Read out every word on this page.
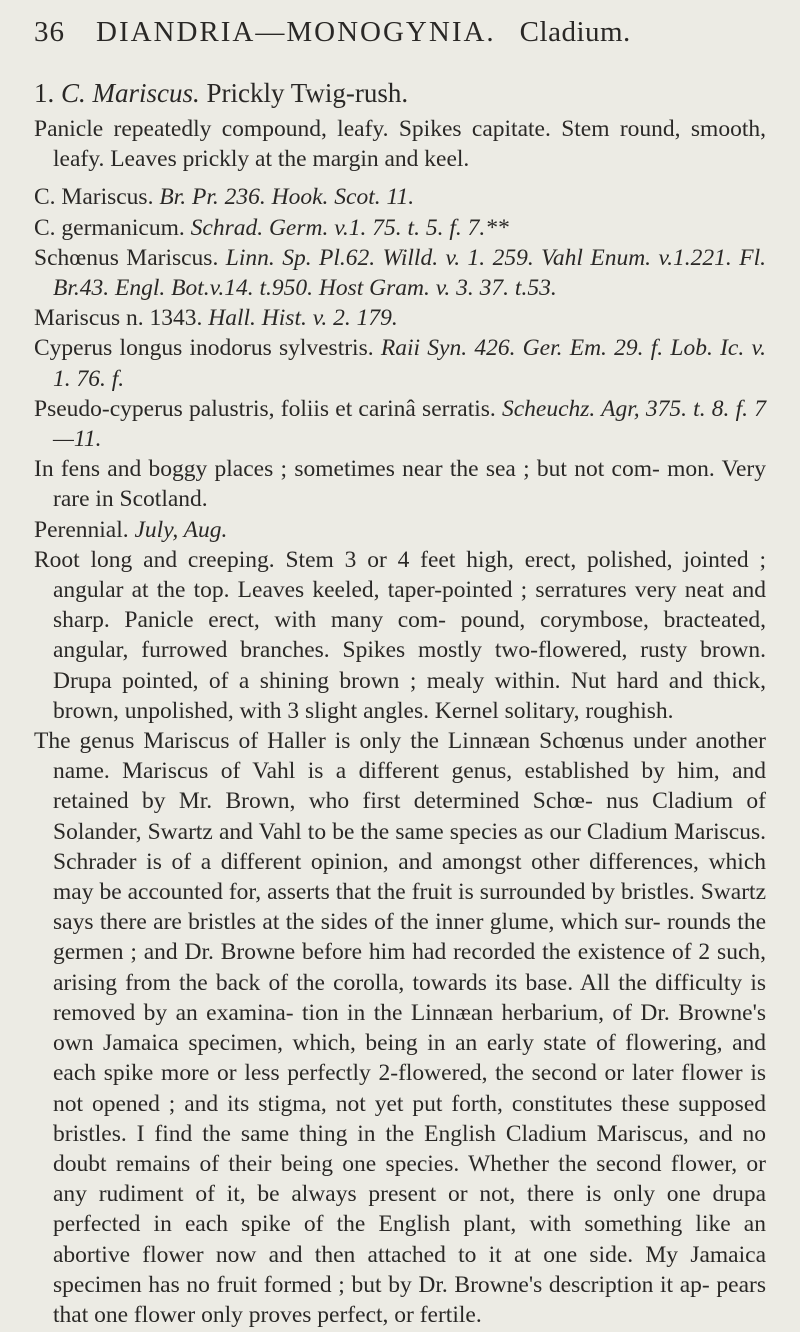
36	DIANDRIA—MONOGYNIA. Cladium.
1. C. Mariscus. Prickly Twig-rush.

Panicle repeatedly compound, leafy. Spikes capitate. Stem round, smooth, leafy. Leaves prickly at the margin and keel.

C. Mariscus. Br. Pr. 236. Hook. Scot. 11.

C. germanicum. Schrad. Germ. v.1. 75. t. 5. f. 7.**

Schœnus Mariscus. Linn. Sp. Pl.62. Willd. v. 1. 259. Vahl Enum. v.1.221. Fl. Br.43. Engl. Bot.v.14. t.950. Host Gram. v. 3. 37. t.53.

Mariscus n. 1343. Hall. Hist. v. 2. 179.

Cyperus longus inodorus sylvestris. Raii Syn. 426. Ger. Em. 29. f. Lob. Ic. v. 1. 76. f.

Pseudo-cyperus palustris, foliis et carinâ serratis. Scheuchz. Agr, 375. t. 8. f. 7—11.

In fens and boggy places ; sometimes near the sea ; but not com- mon. Very rare in Scotland.

Perennial. July, Aug.

Root long and creeping. Stem 3 or 4 feet high, erect, polished, jointed ; angular at the top. Leaves keeled, taper-pointed ; serratures very neat and sharp. Panicle erect, with many com- pound, corymbose, bracteated, angular, furrowed branches. Spikes mostly two-flowered, rusty brown. Drupa pointed, of a shining brown ; mealy within. Nut hard and thick, brown, unpolished, with 3 slight angles. Kernel solitary, roughish.

The genus Mariscus of Haller is only the Linnæan Schœnus under another name. Mariscus of Vahl is a different genus, established by him, and retained by Mr. Brown, who first determined Schœ- nus Cladium of Solander, Swartz and Vahl to be the same species as our Cladium Mariscus. Schrader is of a different opinion, and amongst other differences, which may be accounted for, asserts that the fruit is surrounded by bristles. Swartz says there are bristles at the sides of the inner glume, which sur- rounds the germen ; and Dr. Browne before him had recorded the existence of 2 such, arising from the back of the corolla, towards its base. All the difficulty is removed by an examina- tion in the Linnæan herbarium, of Dr. Browne's own Jamaica specimen, which, being in an early state of flowering, and each spike more or less perfectly 2-flowered, the second or later flower is not opened ; and its stigma, not yet put forth, constitutes these supposed bristles. I find the same thing in the English Cladium Mariscus, and no doubt remains of their being one species. Whether the second flower, or any rudiment of it, be always present or not, there is only one drupa perfected in each spike of the English plant, with something like an abortive flower now and then attached to it at one side. My Jamaica specimen has no fruit formed ; but by Dr. Browne's description it ap- pears that one flower only proves perfect, or fertile.
